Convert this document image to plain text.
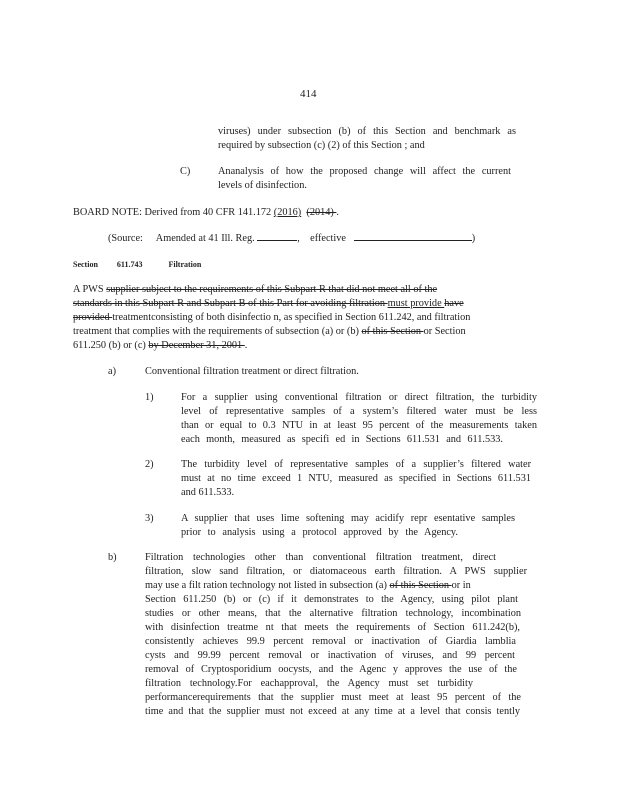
414
viruses) under subsection (b) of this Section and benchmark as
required by subsection (c) (2) of this Section ; and
C)	Ananalysis of how the proposed change will affect the current
levels of disinfection.
BOARD NOTE: Derived from 40 CFR 141.172 (2016) (2014) .
(Source: Amended at 41 Ill. Reg.	,    effective	)
Section 611.743	Filtration
A PWS supplier subject to the requirements of this Subpart R that did not meet all of the
standards in this Subpart R and Subpart B of this Part for avoiding filtration must provide have
provided treatmentconsisting of both disinfectio n, as specified in Section 611.242, and filtration
treatment that complies with the requirements of subsection (a) or (b) of this Section or Section
611.250 (b) or (c) by December 31, 2001 .
a)	Conventional filtration treatment or direct filtration.
1)	For a supplier using conventional filtration or direct filtration, the turbidity
level of representative samples of a system’s filtered water must be less
than or equal to 0.3 NTU in at least 95 percent of the measurements taken
each month, measured as specifi ed in Sections 611.531 and 611.533.
2)	The turbidity level of representative samples of a supplier’s filtered water
must at no time exceed 1 NTU, measured as specified in Sections 611.531
and 611.533.
3)	A supplier that uses lime softening may acidify repr esentative samples
prior to analysis using a protocol approved by the Agency.
b)	Filtration technologies other than conventional filtration treatment, direct
filtration, slow sand filtration, or diatomaceous earth filtration. A PWS supplier
may use a filt ration technology not listed in subsection (a) of this Section or in
Section 611.250 (b) or (c) if it demonstrates to the Agency, using pilot plant
studies or other means, that the alternative filtration technology, incombination
with disinfection treatme nt that meets the requirements of Section 611.242(b),
consistently achieves 99.9 percent removal or inactivation of Giardia lamblia
cysts and 99.99 percent removal or inactivation of viruses, and 99 percent
removal of Cryptosporidium oocysts, and the Agenc y approves the use of the
filtration technology.For eachapproval, the Agency must set turbidity
performancerequirements that the supplier must meet at least 95 percent of the
time and that the supplier must not exceed at any time at a level that consis tently
